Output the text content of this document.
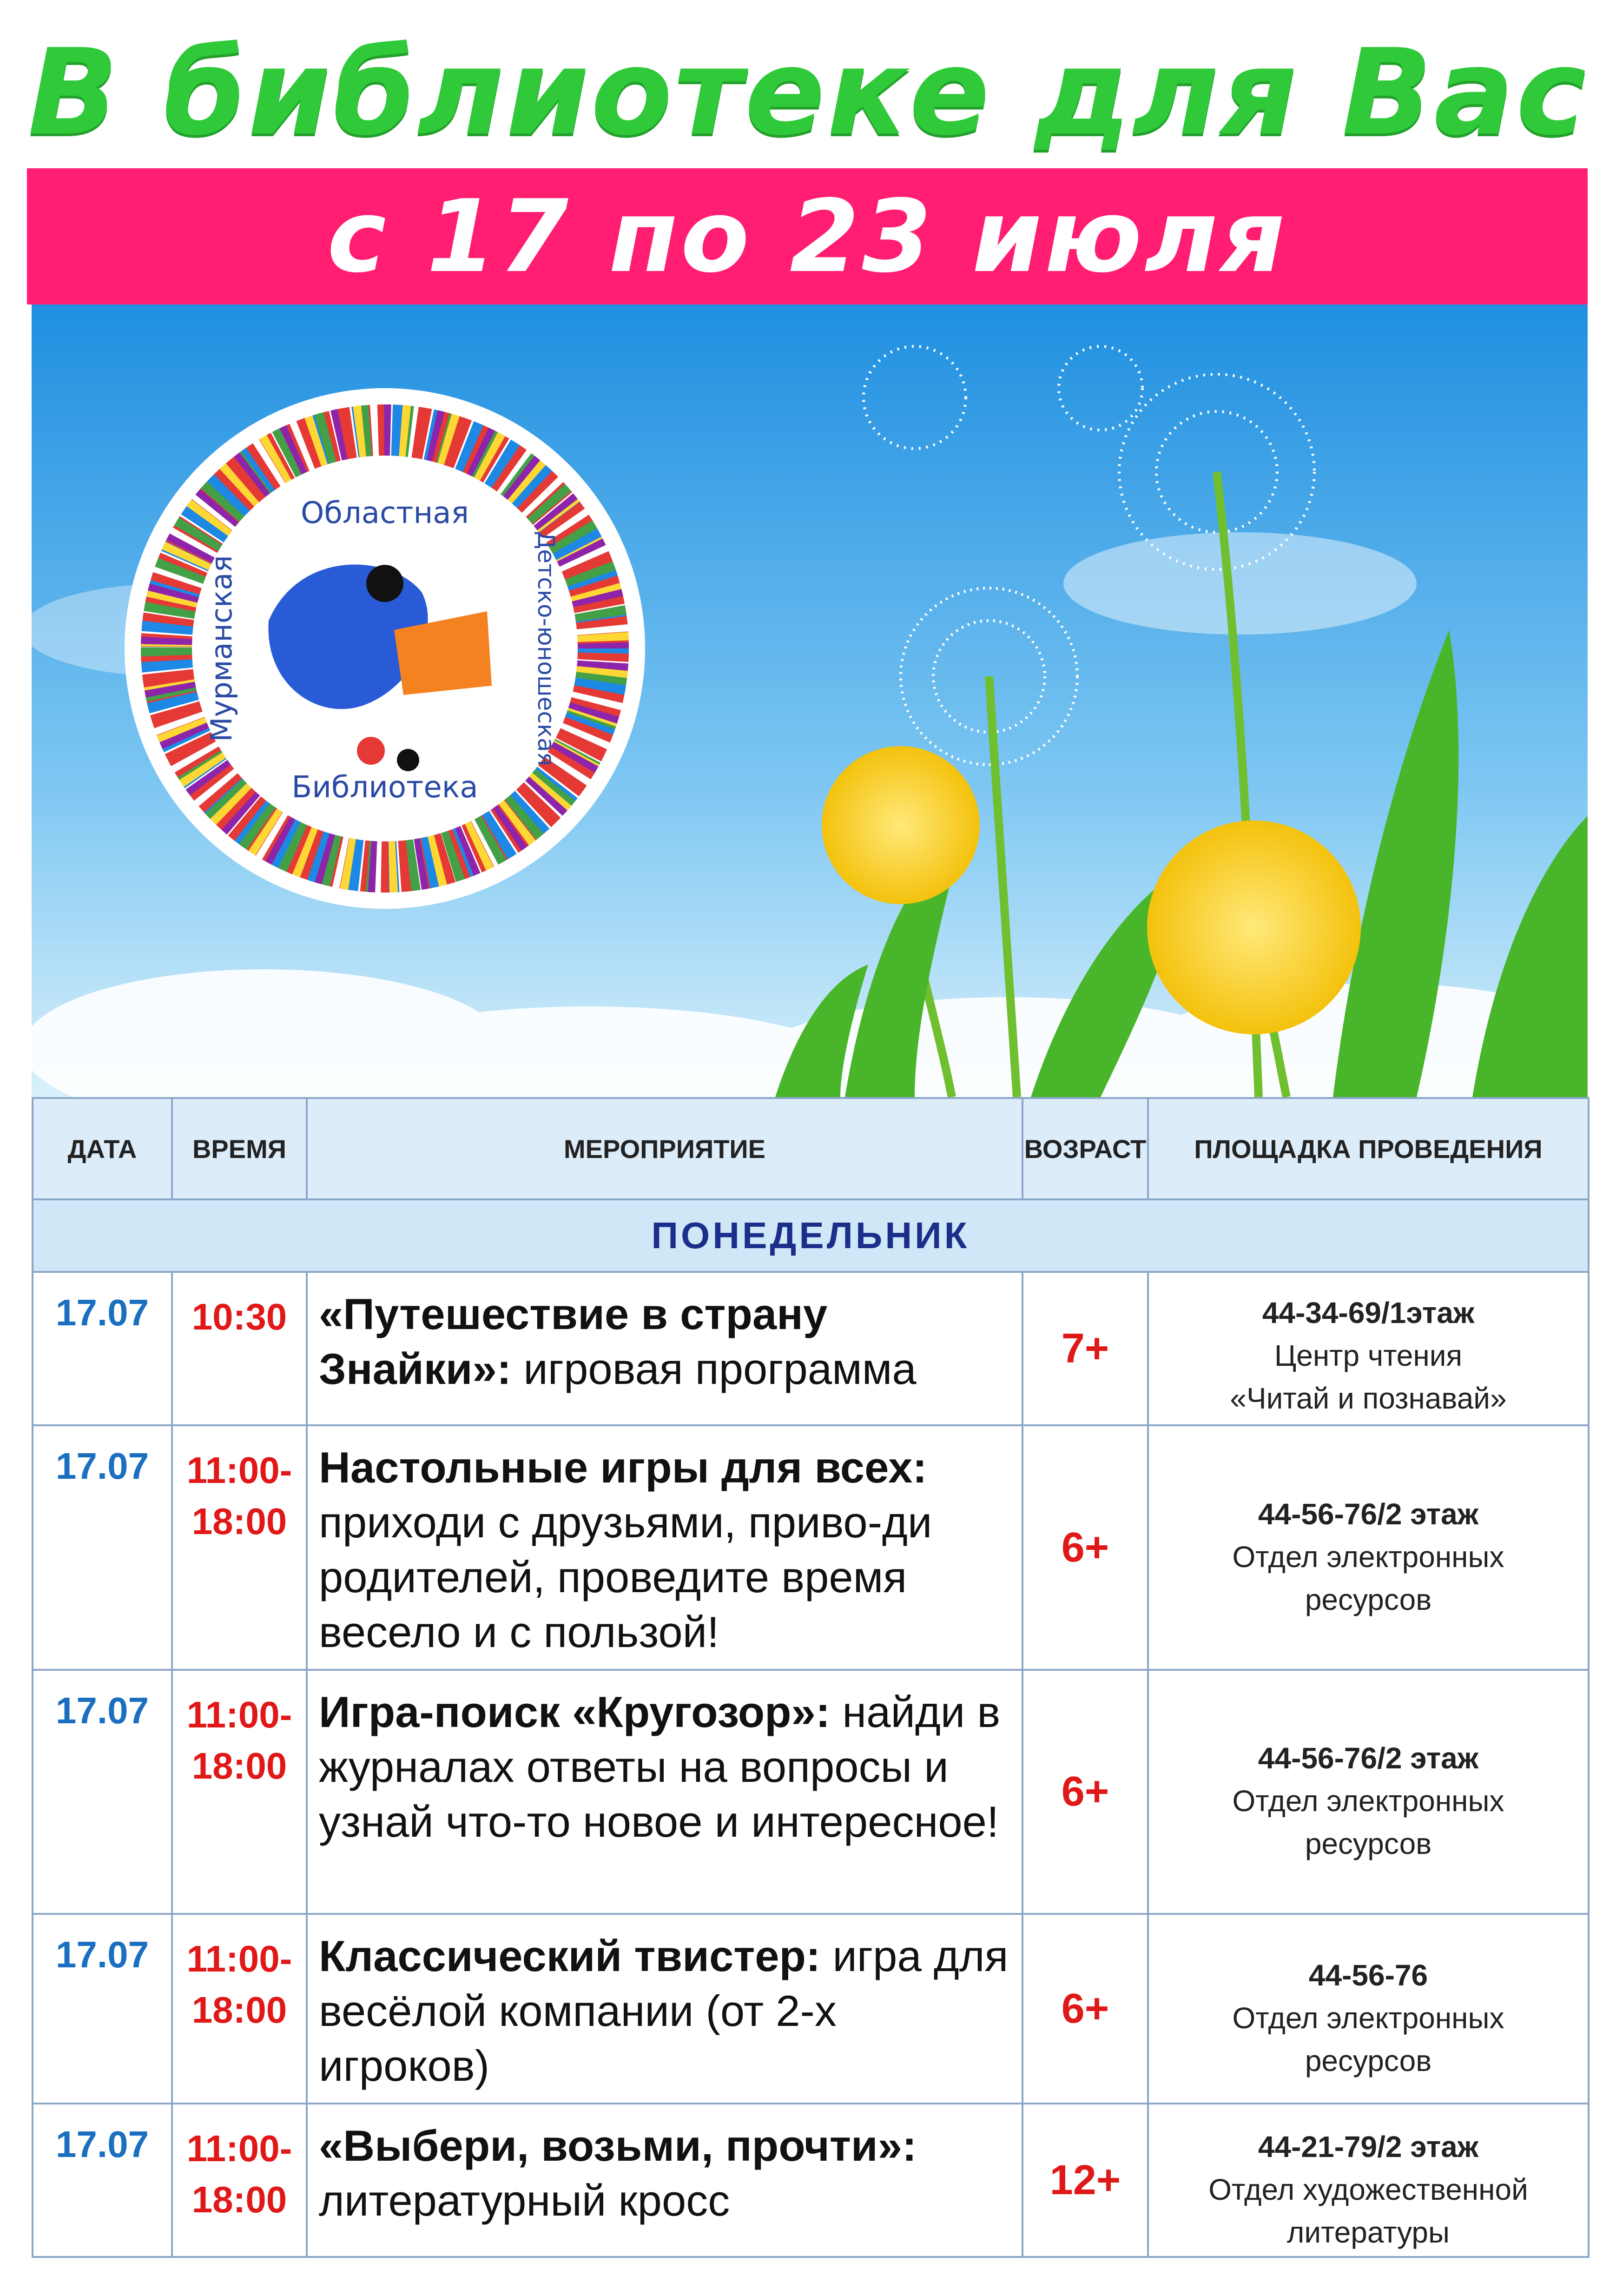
В библиотеке для Вас
с 17 по 23 июля
Областная
Библиотека
Мурманская	Детско-юношеская
ДАТА	ВРЕМЯ	МЕРОПРИЯТИЕ	ВОЗРАСТ	ПЛОЩАДКА ПРОВЕДЕНИЯ
ПОНЕДЕЛЬНИК				
17.07	10:30	«Путешествие в страну Знайки»: игровая программа	7+	44-34-69/1этаж
Центр чтения
«Читай и познавай»

17.07	11:00-18:00	Настольные игры для всех: приходи с друзьями, приво-ди родителей, проведите время весело и с пользой!	6+	44-56-76/2 этаж
Отдел электронных
ресурсов

17.07	11:00-18:00	Игра-поиск «Кругозор»: найди в журналах ответы на вопросы и узнай что-то новое и интересное!	6+	44-56-76/2 этаж
Отдел электронных
ресурсов

17.07	11:00-18:00	Классический твистер: игра для весёлой компании (от 2-х игроков)	6+	44-56-76
Отдел электронных
ресурсов

17.07	11:00-18:00	«Выбери, возьми, прочти»: литературный кросс	12+	44-21-79/2 этаж
Отдел художественной
литературы
